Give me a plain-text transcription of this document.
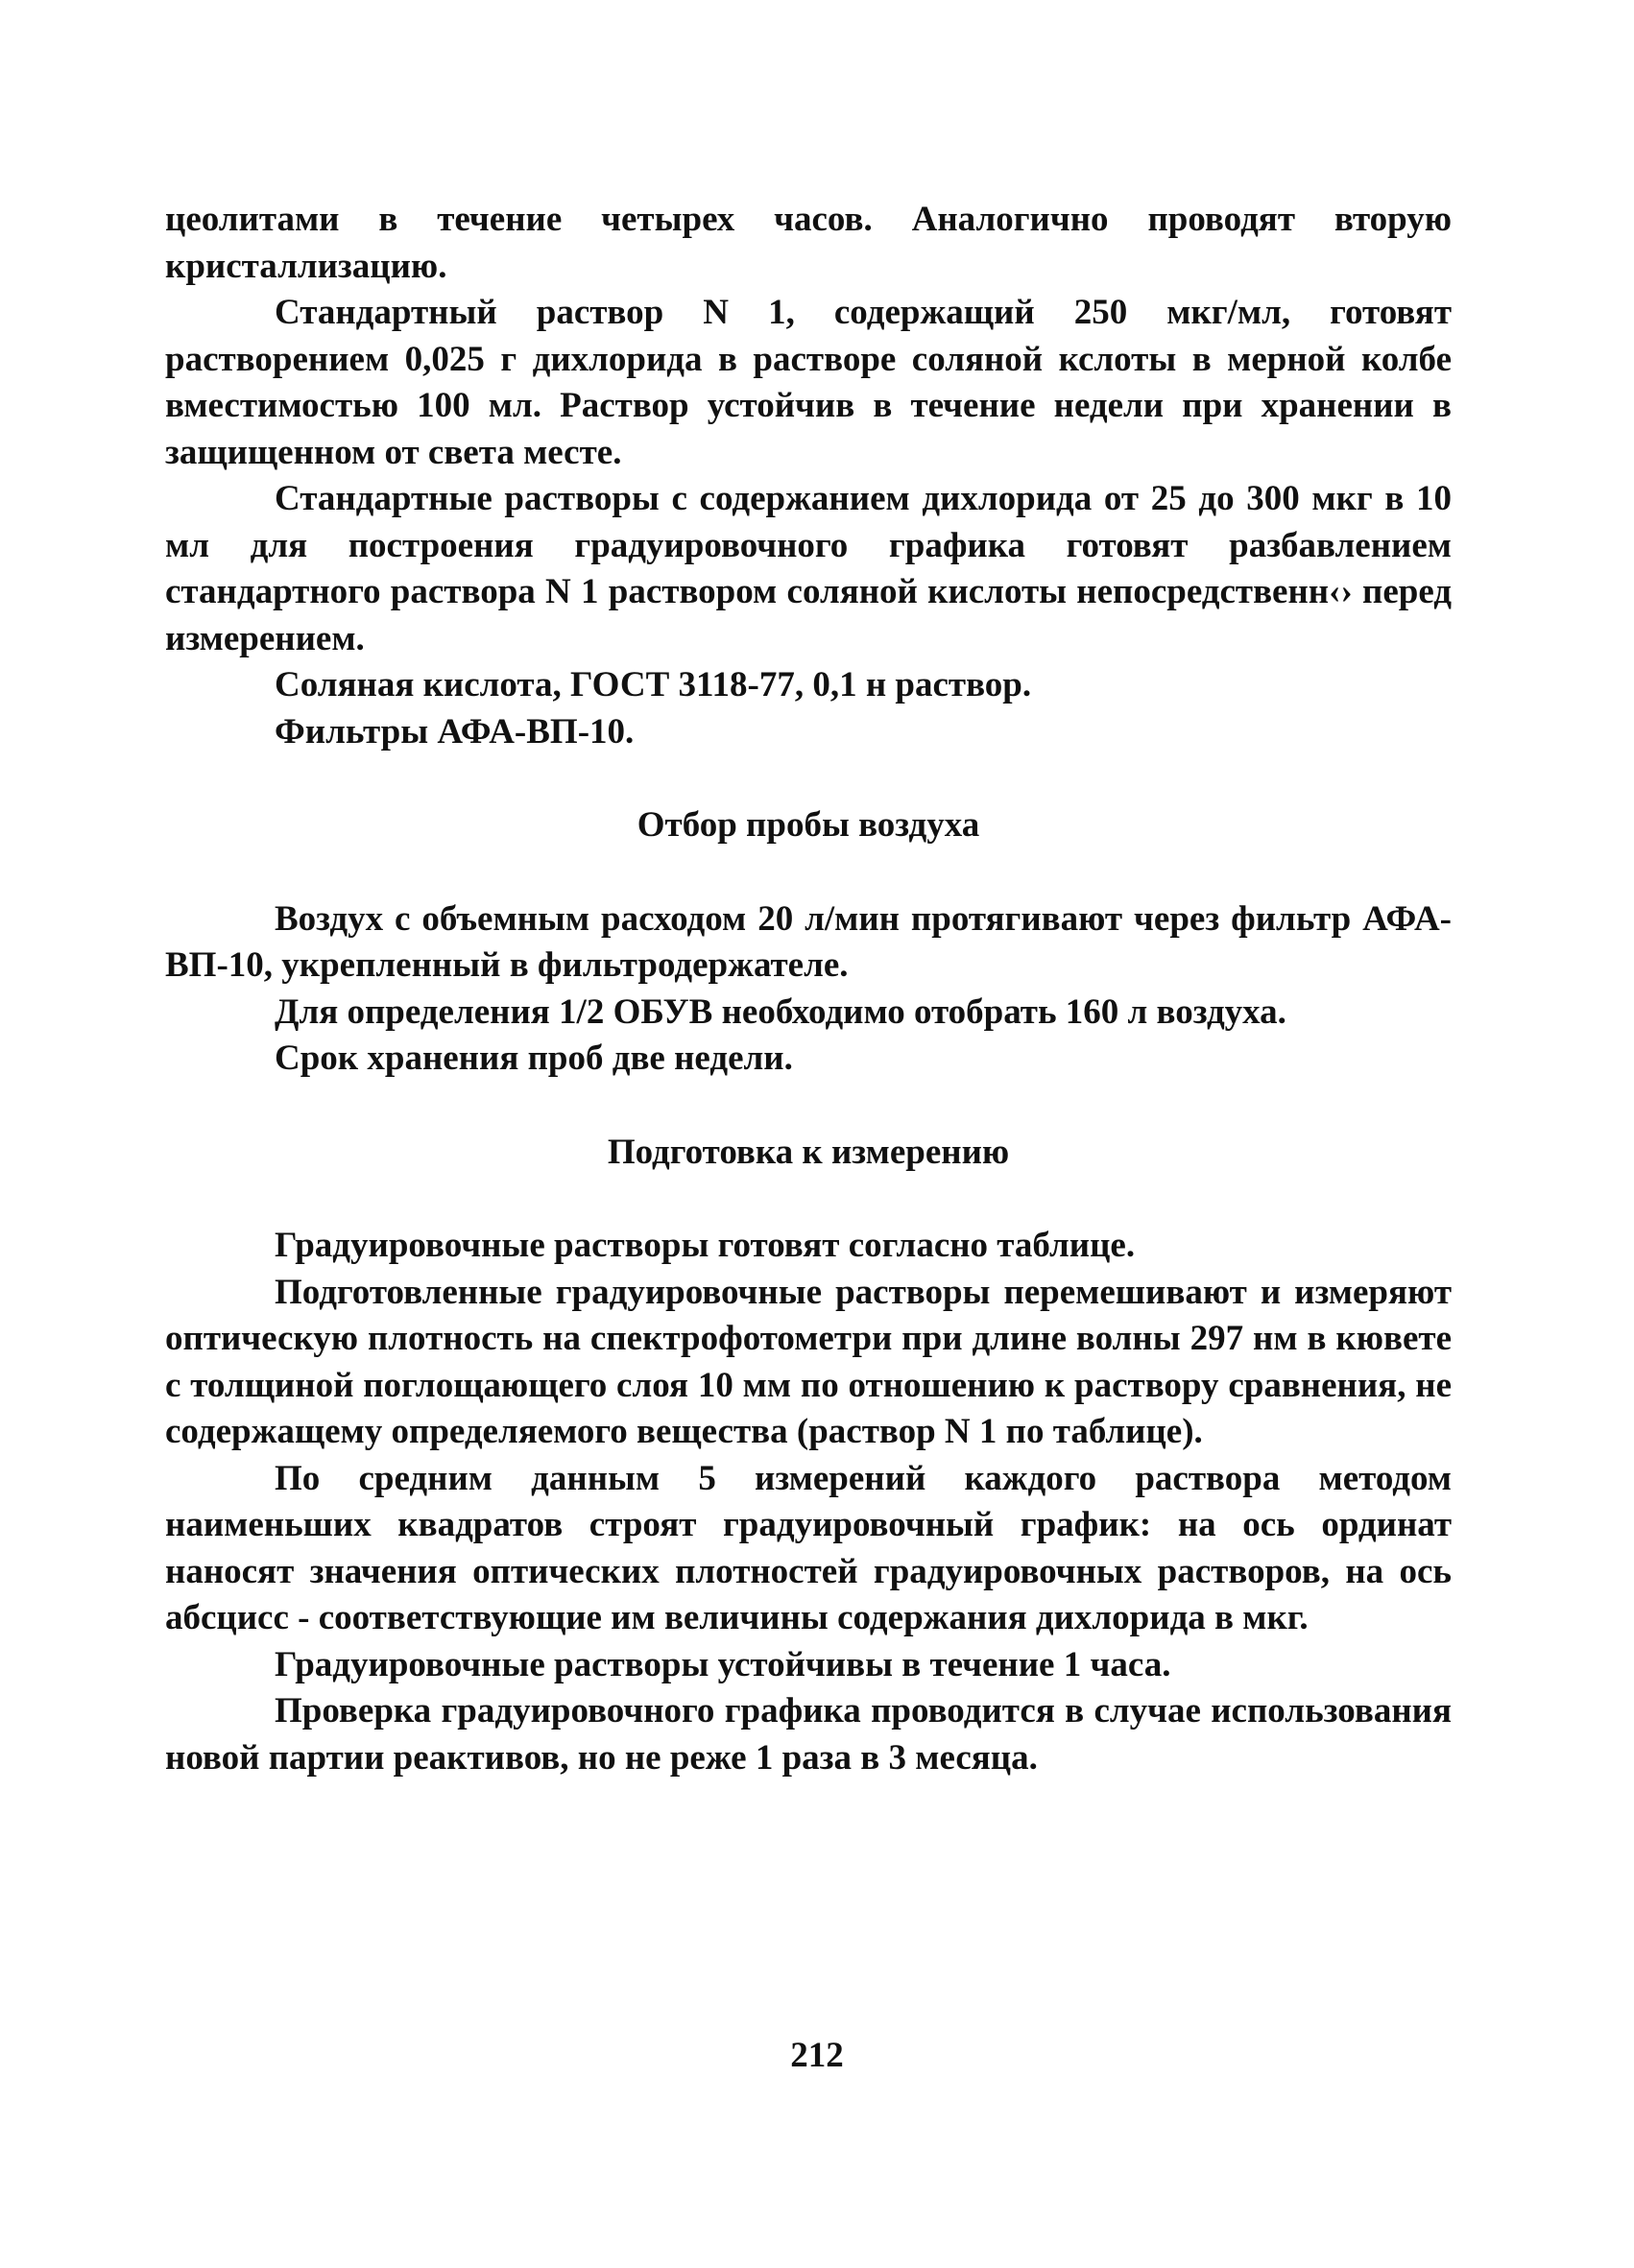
цеолитами в течение четырех часов. Аналогично проводят вторую кристаллизацию.

Стандартный раствор N 1, содержащий 250 мкг/мл, готовят растворением 0,025 г дихлорида в растворе соляной кслоты в мерной колбе вместимостью 100 мл. Раствор устойчив в течение недели при хранении в защищенном от света месте.

Стандартные растворы с содержанием дихлорида от 25 до 300 мкг в 10 мл для построения градуировочного графика готовят разбавлением стандартного раствора N 1 раствором соляной кислоты непосредственн‹› перед измерением.

Соляная кислота, ГОСТ 3118-77, 0,1 н раствор.

Фильтры АФА-ВП-10.

Отбор пробы воздуха

Воздух с объемным расходом 20 л/мин протягивают через фильтр АФА-ВП-10, укрепленный в фильтродержателе.

Для определения 1/2 ОБУВ необходимо отобрать 160 л воздуха.

Срок хранения проб две недели.

Подготовка к измерению

Градуировочные растворы готовят согласно таблице.

Подготовленные градуировочные растворы перемешивают и измеряют оптическую плотность на спектрофотометри при длине волны 297 нм в кювете с толщиной поглощающего слоя 10 мм по отношению к раствору сравнения, не содержащему определяемого вещества (раствор N 1 по таблице).

По средним данным 5 измерений каждого раствора методом наименьших квадратов строят градуировочный график: на ось ординат наносят значения оптических плотностей градуировочных растворов, на ось абсцисс - соответствующие им величины содержания дихлорида в мкг.

Градуировочные растворы устойчивы в течение 1 часа.

Проверка градуировочного графика проводится в случае использования новой партии реактивов, но не реже 1 раза в 3 месяца.

212
